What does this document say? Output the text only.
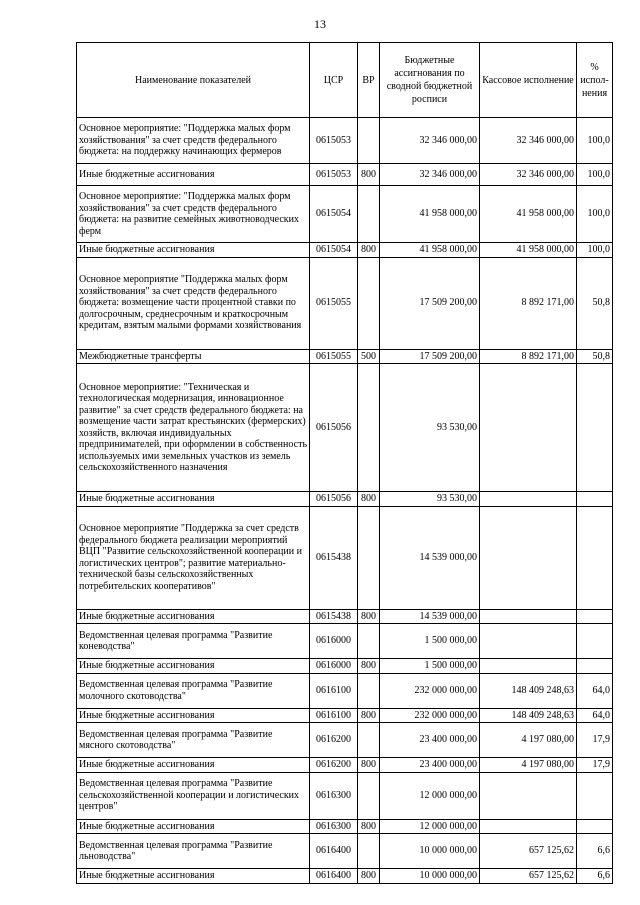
13
Наименование показателей	ЦСР	ВР	Бюджетные ассигнования по сводной бюджетной росписи	Кассовое исполнение	% испол-нения
Основное мероприятие: "Поддержка малых форм хозяйствования" за счет средств федерального бюджета: на поддержку начинающих фермеров	0615053		32 346 000,00	32 346 000,00	100,0
Иные бюджетные ассигнования	0615053	800	32 346 000,00	32 346 000,00	100,0
Основное мероприятие: "Поддержка малых форм хозяйствования" за счет средств федерального бюджета: на развитие семейных животноводческих ферм	0615054		41 958 000,00	41 958 000,00	100,0
Иные бюджетные ассигнования	0615054	800	41 958 000,00	41 958 000,00	100,0
Основное мероприятие "Поддержка малых форм хозяйствования" за счет средств федерального бюджета: возмещение части процентной ставки по долгосрочным, среднесрочным и краткосрочным кредитам, взятым малыми формами хозяйствования	0615055		17 509 200,00	8 892 171,00	50,8
Межбюджетные трансферты	0615055	500	17 509 200,00	8 892 171,00	50,8
Основное мероприятие: "Техническая и технологическая модернизация, инновационное развитие" за счет средств федерального бюджета: на возмещение части затрат крестьянских (фермерских) хозяйств, включая индивидуальных предпринимателей, при оформлении в собственность используемых ими земельных участков из земель сельскохозяйственного назначения	0615056		93 530,00		
Иные бюджетные ассигнования	0615056	800	93 530,00		
Основное мероприятие "Поддержка за счет средств федерального бюджета реализации мероприятий ВЦП "Развитие сельскохозяйственной кооперации и логистических центров"; развитие материально-технической базы сельскохозяйственных потребительских кооперативов"	0615438		14 539 000,00		
Иные бюджетные ассигнования	0615438	800	14 539 000,00		
Ведомственная целевая программа "Развитие коневодства"	0616000		1 500 000,00		
Иные бюджетные ассигнования	0616000	800	1 500 000,00		
Ведомственная целевая программа "Развитие молочного скотоводства"	0616100		232 000 000,00	148 409 248,63	64,0
Иные бюджетные ассигнования	0616100	800	232 000 000,00	148 409 248,63	64,0
Ведомственная целевая программа "Развитие мясного скотоводства"	0616200		23 400 000,00	4 197 080,00	17,9
Иные бюджетные ассигнования	0616200	800	23 400 000,00	4 197 080,00	17,9
Ведомственная целевая программа "Развитие сельскохозяйственной кооперации и логистических центров"	0616300		12 000 000,00		
Иные бюджетные ассигнования	0616300	800	12 000 000,00		
Ведомственная целевая программа "Развитие льноводства"	0616400		10 000 000,00	657 125,62	6,6
Иные бюджетные ассигнования	0616400	800	10 000 000,00	657 125,62	6,6
